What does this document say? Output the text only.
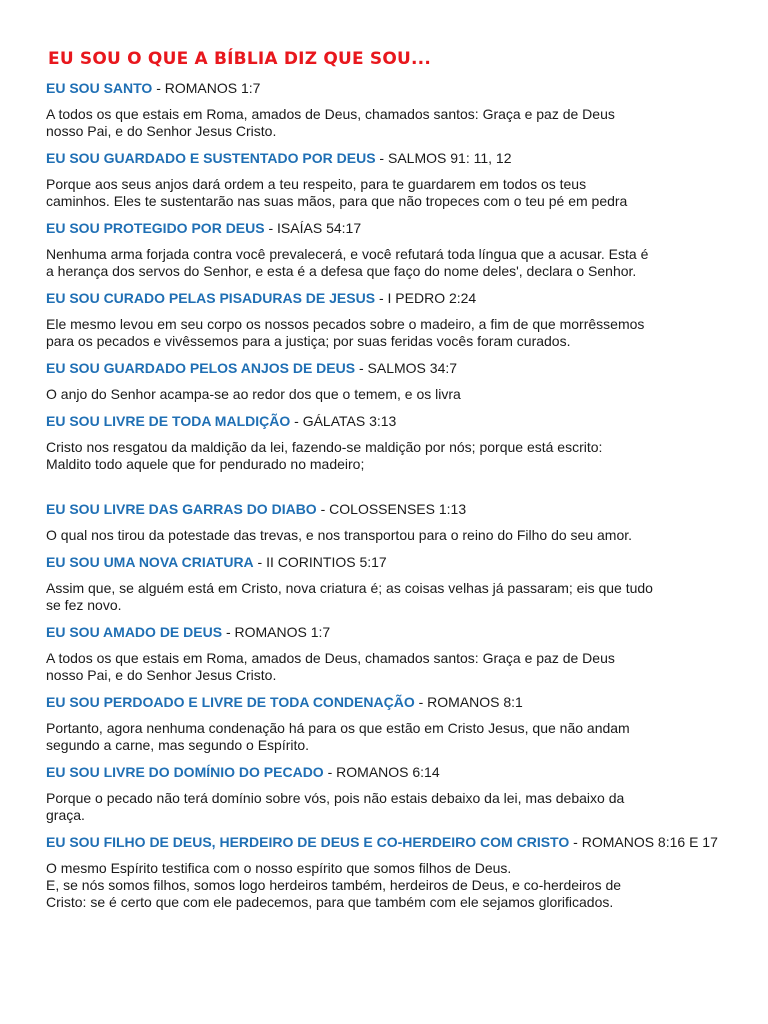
EU SOU O QUE A BÍBLIA DIZ QUE SOU...

EU SOU SANTO - ROMANOS 1:7

A todos os que estais em Roma, amados de Deus, chamados santos: Graça e paz de Deus
nosso Pai, e do Senhor Jesus Cristo.

EU SOU GUARDADO E SUSTENTADO POR DEUS - SALMOS 91: 11, 12

Porque aos seus anjos dará ordem a teu respeito, para te guardarem em todos os teus
caminhos. Eles te sustentarão nas suas mãos, para que não tropeces com o teu pé em pedra

EU SOU PROTEGIDO POR DEUS - ISAÍAS 54:17

Nenhuma arma forjada contra você prevalecerá, e você refutará toda língua que a acusar. Esta é
a herança dos servos do Senhor, e esta é a defesa que faço do nome deles', declara o Senhor.

EU SOU CURADO PELAS PISADURAS DE JESUS - I PEDRO 2:24

Ele mesmo levou em seu corpo os nossos pecados sobre o madeiro, a fim de que morrêssemos
para os pecados e vivêssemos para a justiça; por suas feridas vocês foram curados.

EU SOU GUARDADO PELOS ANJOS DE DEUS - SALMOS 34:7

O anjo do Senhor acampa-se ao redor dos que o temem, e os livra

EU SOU LIVRE DE TODA MALDIÇÃO - GÁLATAS 3:13

Cristo nos resgatou da maldição da lei, fazendo-se maldição por nós; porque está escrito:
Maldito todo aquele que for pendurado no madeiro;

EU SOU LIVRE DAS GARRAS DO DIABO - COLOSSENSES 1:13

O qual nos tirou da potestade das trevas, e nos transportou para o reino do Filho do seu amor.

EU SOU UMA NOVA CRIATURA - II CORINTIOS 5:17

Assim que, se alguém está em Cristo, nova criatura é; as coisas velhas já passaram; eis que tudo
se fez novo.

EU SOU AMADO DE DEUS - ROMANOS 1:7

A todos os que estais em Roma, amados de Deus, chamados santos: Graça e paz de Deus
nosso Pai, e do Senhor Jesus Cristo.

EU SOU PERDOADO E LIVRE DE TODA CONDENAÇÃO - ROMANOS 8:1

Portanto, agora nenhuma condenação há para os que estão em Cristo Jesus, que não andam
segundo a carne, mas segundo o Espírito.

EU SOU LIVRE DO DOMÍNIO DO PECADO - ROMANOS 6:14

Porque o pecado não terá domínio sobre vós, pois não estais debaixo da lei, mas debaixo da
graça.

EU SOU FILHO DE DEUS, HERDEIRO DE DEUS E CO-HERDEIRO COM CRISTO - ROMANOS 8:16 E 17

O mesmo Espírito testifica com o nosso espírito que somos filhos de Deus.
E, se nós somos filhos, somos logo herdeiros também, herdeiros de Deus, e co-herdeiros de
Cristo: se é certo que com ele padecemos, para que também com ele sejamos glorificados.
